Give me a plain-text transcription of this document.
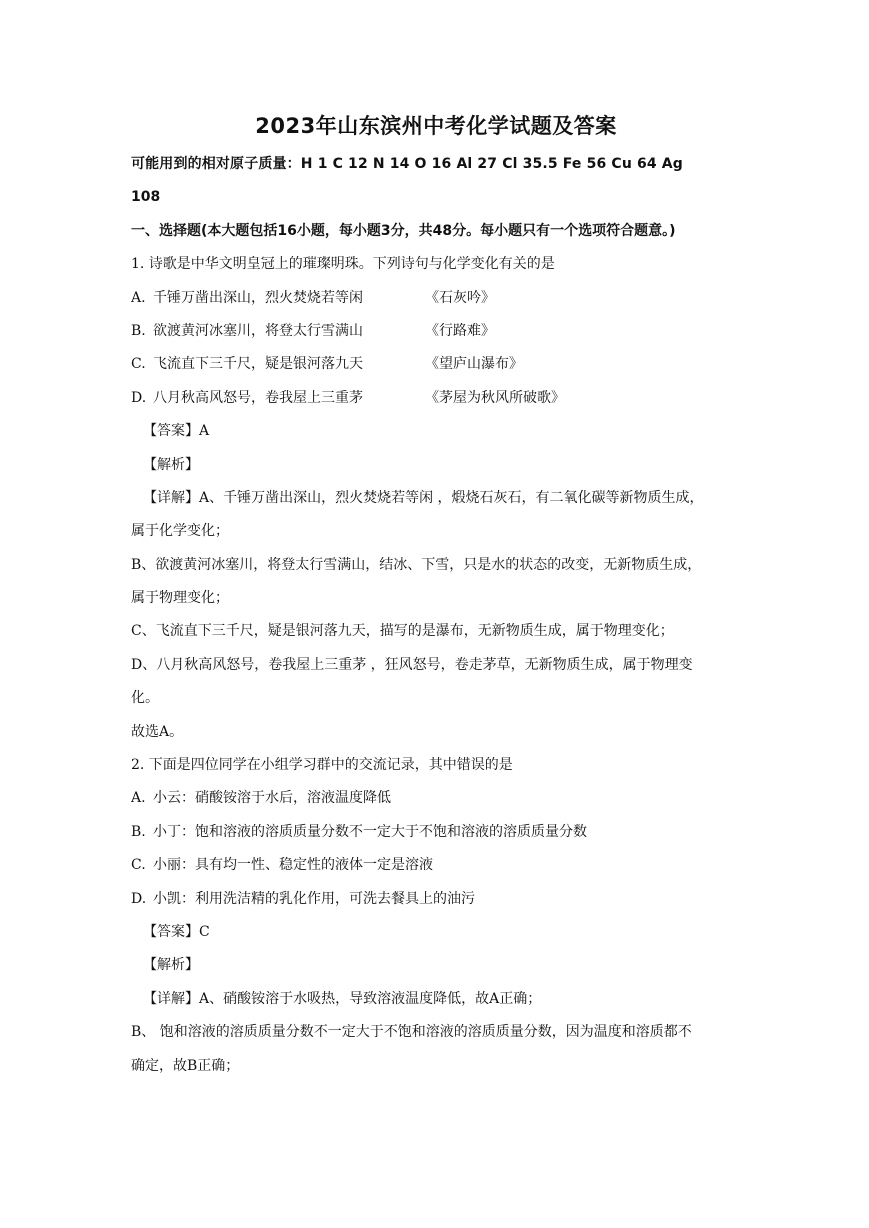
2023年山东滨州中考化学试题及答案
可能用到的相对原子质量：H 1 C 12 N 14 O 16 Al 27 Cl 35.5 Fe 56 Cu 64 Ag
108
一、选择题(本大题包括16小题，每小题3分，共48分。每小题只有一个选项符合题意。)
1. 诗歌是中华文明皇冠上的璀璨明珠。下列诗句与化学变化有关的是
A. 千锤万凿出深山，烈火焚烧若等闲	《石灰吟》
B. 欲渡黄河冰塞川，将登太行雪满山	《行路难》
C. 飞流直下三千尺，疑是银河落九天	《望庐山瀑布》
D. 八月秋高风怒号，卷我屋上三重茅	《茅屋为秋风所破歌》
【答案】A
【解析】
【详解】A、千锤万凿出深山，烈火焚烧若等闲 ，煅烧石灰石，有二氧化碳等新物质生成，
属于化学变化；
B、欲渡黄河冰塞川，将登太行雪满山，结冰、下雪，只是水的状态的改变，无新物质生成，
属于物理变化；
C、飞流直下三千尺，疑是银河落九天，描写的是瀑布，无新物质生成，属于物理变化；
D、八月秋高风怒号，卷我屋上三重茅 ，狂风怒号，卷走茅草，无新物质生成，属于物理变
化。
故选A。
2. 下面是四位同学在小组学习群中的交流记录，其中错误的是
A. 小云：硝酸铵溶于水后，溶液温度降低
B. 小丁：饱和溶液的溶质质量分数不一定大于不饱和溶液的溶质质量分数
C. 小丽：具有均一性、稳定性的液体一定是溶液
D. 小凯：利用洗洁精的乳化作用，可洗去餐具上的油污
【答案】C
【解析】
【详解】A、硝酸铵溶于水吸热，导致溶液温度降低，故A正确；
B、 饱和溶液的溶质质量分数不一定大于不饱和溶液的溶质质量分数，因为温度和溶质都不
确定，故B正确；
